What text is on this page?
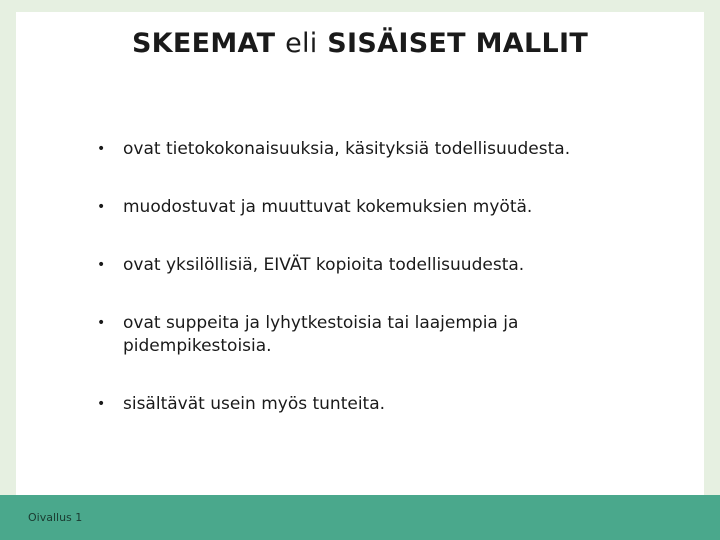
SKEEMAT eli SISÄISET MALLIT
• ovat tietokokonaisuuksia, käsityksiä todellisuudesta.
• muodostuvat ja muuttuvat kokemuksien myötä.
• ovat yksilöllisiä, EIVÄT kopioita todellisuudesta.
• ovat suppeita ja lyhytkestoisia tai laajempia ja pidempikestoisia.
• sisältävät usein myös tunteita.
Oivallus 1
